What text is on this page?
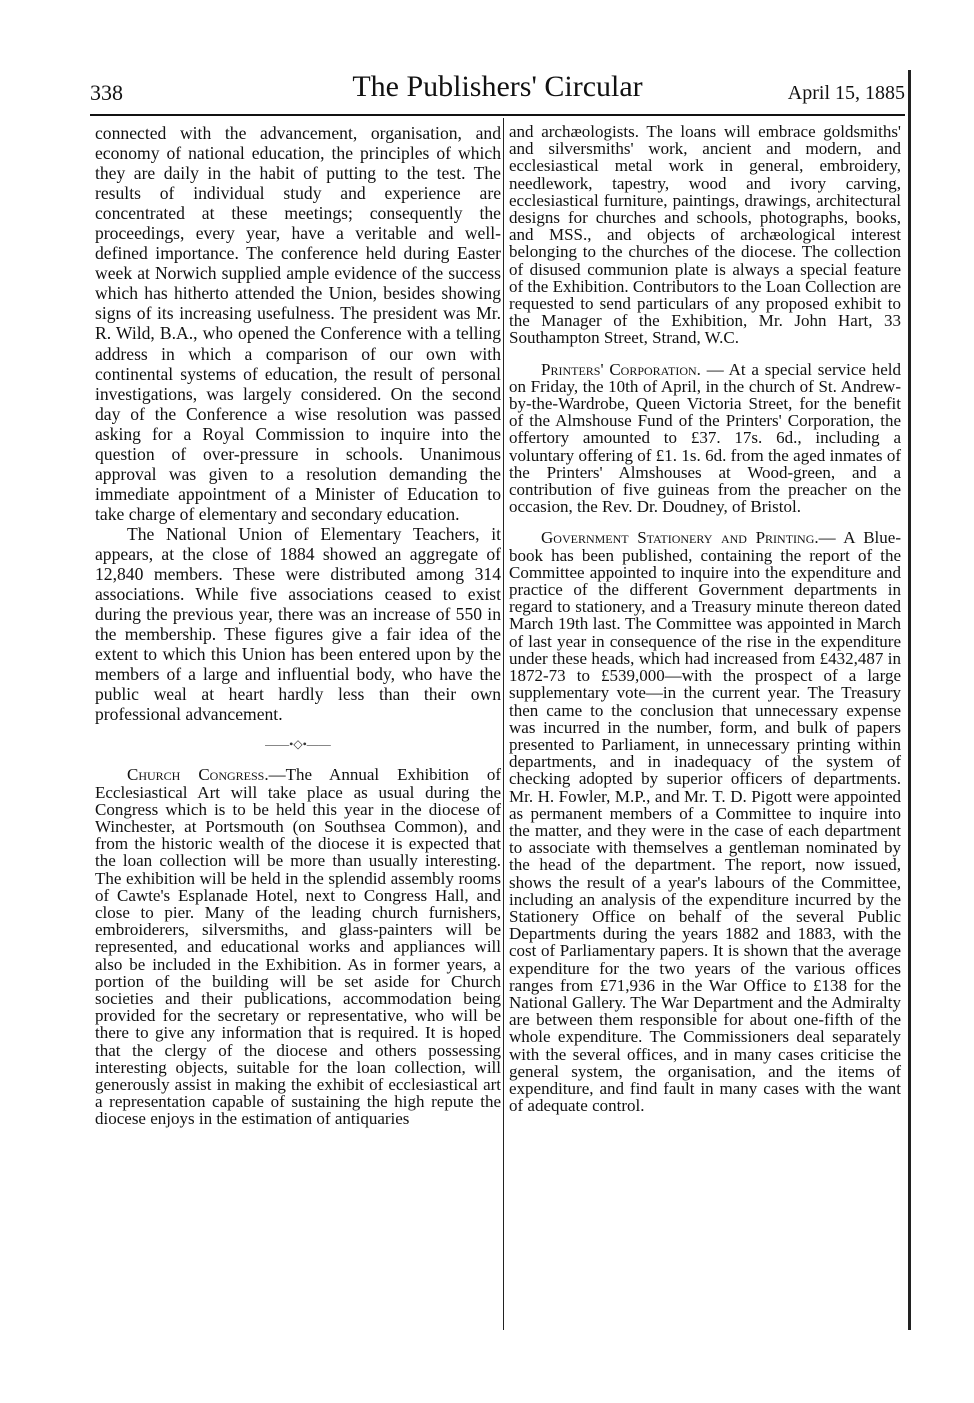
338	The Publishers' Circular	April 15, 1885

connected with the advancement, organisation, and economy of national education, the principles of which they are daily in the habit of putting to the test. The results of individual study and experience are concentrated at these meetings; consequently the proceedings, every year, have a veritable and well-defined importance. The conference held during Easter week at Norwich supplied ample evidence of the success which has hitherto attended the Union, besides showing signs of its increasing usefulness. The president was Mr. R. Wild, B.A., who opened the Conference with a telling address in which a comparison of our own with continental systems of education, the result of personal investigations, was largely considered. On the second day of the Conference a wise resolution was passed asking for a Royal Commission to inquire into the question of over-pressure in schools. Unanimous approval was given to a resolution demanding the immediate appointment of a Minister of Education to take charge of elementary and secondary education.

The National Union of Elementary Teachers, it appears, at the close of 1884 showed an aggregate of 12,840 members. These were distributed among 314 associations. While five associations ceased to exist during the previous year, there was an increase of 550 in the membership. These figures give a fair idea of the extent to which this Union has been entered upon by the members of a large and influential body, who have the public weal at heart hardly less than their own professional advancement.

——•◇•——

Church Congress.—The Annual Exhibition of Ecclesiastical Art will take place as usual during the Congress which is to be held this year in the diocese of Winchester, at Portsmouth (on Southsea Common), and from the historic wealth of the diocese it is expected that the loan collection will be more than usually interesting. The exhibition will be held in the splendid assembly rooms of Cawte's Esplanade Hotel, next to Congress Hall, and close to pier. Many of the leading church furnishers, embroiderers, silversmiths, and glass-painters will be represented, and educational works and appliances will also be included in the Exhibition. As in former years, a portion of the building will be set aside for Church societies and their publications, accommodation being provided for the secretary or representative, who will be there to give any information that is required. It is hoped that the clergy of the diocese and others possessing interesting objects, suitable for the loan collection, will generously assist in making the exhibit of ecclesiastical art a representation capable of sustaining the high repute the diocese enjoys in the estimation of antiquaries

and archæologists. The loans will embrace goldsmiths' and silversmiths' work, ancient and modern, and ecclesiastical metal work in general, embroidery, needlework, tapestry, wood and ivory carving, ecclesiastical furniture, paintings, drawings, architectural designs for churches and schools, photographs, books, and MSS., and objects of archæological interest belonging to the churches of the diocese. The collection of disused communion plate is always a special feature of the Exhibition. Contributors to the Loan Collection are requested to send particulars of any proposed exhibit to the Manager of the Exhibition, Mr. John Hart, 33 Southampton Street, Strand, W.C.

Printers' Corporation. — At a special service held on Friday, the 10th of April, in the church of St. Andrew-by-the-Wardrobe, Queen Victoria Street, for the benefit of the Almshouse Fund of the Printers' Corporation, the offertory amounted to £37. 17s. 6d., including a voluntary offering of £1. 1s. 6d. from the aged inmates of the Printers' Almshouses at Wood-green, and a contribution of five guineas from the preacher on the occasion, the Rev. Dr. Doudney, of Bristol.

Government Stationery and Printing.— A Blue-book has been published, containing the report of the Committee appointed to inquire into the expenditure and practice of the different Government departments in regard to stationery, and a Treasury minute thereon dated March 19th last. The Committee was appointed in March of last year in consequence of the rise in the expenditure under these heads, which had increased from £432,487 in 1872-73 to £539,000—with the prospect of a large supplementary vote—in the current year. The Treasury then came to the conclusion that unnecessary expense was incurred in the number, form, and bulk of papers presented to Parliament, in unnecessary printing within departments, and in inadequacy of the system of checking adopted by superior officers of departments. Mr. H. Fowler, M.P., and Mr. T. D. Pigott were appointed as permanent members of a Committee to inquire into the matter, and they were in the case of each department to associate with themselves a gentleman nominated by the head of the department. The report, now issued, shows the result of a year's labours of the Committee, including an analysis of the expenditure incurred by the Stationery Office on behalf of the several Public Departments during the years 1882 and 1883, with the cost of Parliamentary papers. It is shown that the average expenditure for the two years of the various offices ranges from £71,936 in the War Office to £138 for the National Gallery. The War Department and the Admiralty are between them responsible for about one-fifth of the whole expenditure. The Commissioners deal separately with the several offices, and in many cases criticise the general system, the organisation, and the items of expenditure, and find fault in many cases with the want of adequate control.
